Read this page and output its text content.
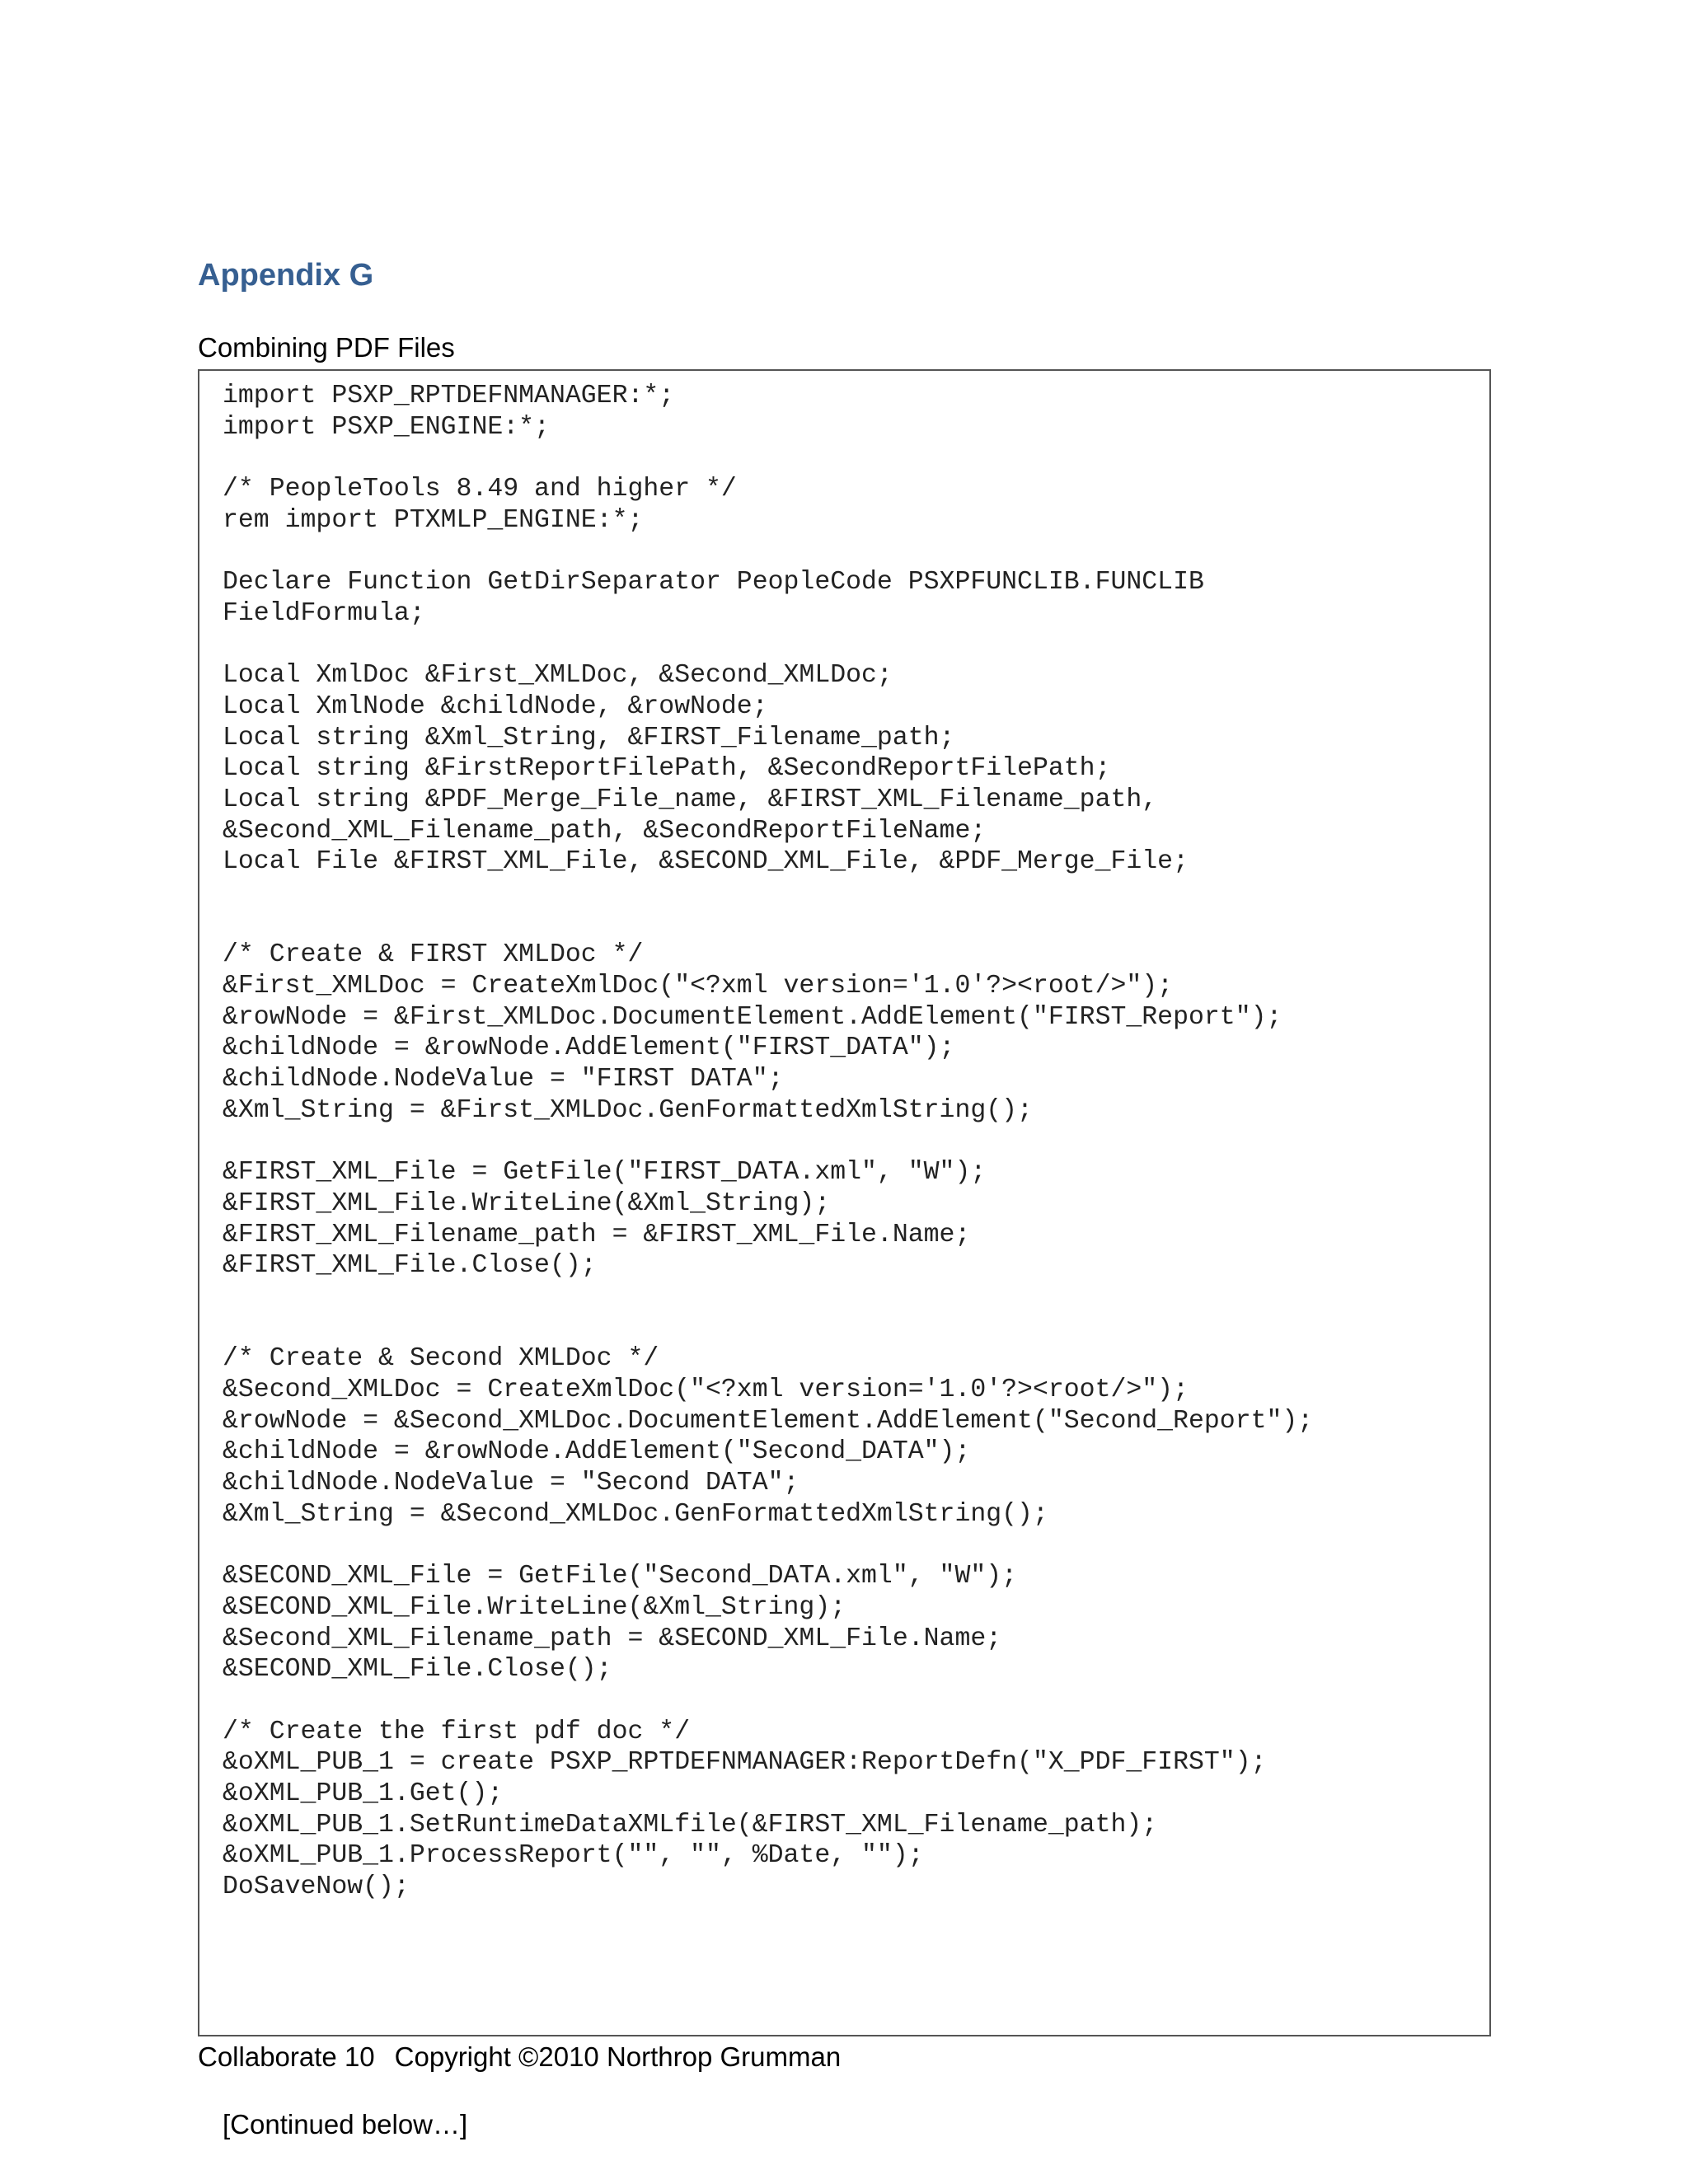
Appendix G

Combining PDF Files

import PSXP_RPTDEFNMANAGER:*;
import PSXP_ENGINE:*;
/* PeopleTools 8.49 and higher */
rem import PTXMLP_ENGINE:*;
Declare Function GetDirSeparator PeopleCode PSXPFUNCLIB.FUNCLIB
FieldFormula;
Local XmlDoc &First_XMLDoc, &Second_XMLDoc;
Local XmlNode &childNode, &rowNode;
Local string &Xml_String, &FIRST_Filename_path;
Local string &FirstReportFilePath, &SecondReportFilePath;
Local string &PDF_Merge_File_name, &FIRST_XML_Filename_path,
&Second_XML_Filename_path, &SecondReportFileName;
Local File &FIRST_XML_File, &SECOND_XML_File, &PDF_Merge_File;
/* Create & FIRST XMLDoc */
&First_XMLDoc = CreateXmlDoc("<?xml version='1.0'?><root/>");
&rowNode = &First_XMLDoc.DocumentElement.AddElement("FIRST_Report");
&childNode = &rowNode.AddElement("FIRST_DATA");
&childNode.NodeValue = "FIRST DATA";
&Xml_String = &First_XMLDoc.GenFormattedXmlString();
&FIRST_XML_File = GetFile("FIRST_DATA.xml", "W");
&FIRST_XML_File.WriteLine(&Xml_String);
&FIRST_XML_Filename_path = &FIRST_XML_File.Name;
&FIRST_XML_File.Close();
/* Create & Second XMLDoc */
&Second_XMLDoc = CreateXmlDoc("<?xml version='1.0'?><root/>");
&rowNode = &Second_XMLDoc.DocumentElement.AddElement("Second_Report");
&childNode = &rowNode.AddElement("Second_DATA");
&childNode.NodeValue = "Second DATA";
&Xml_String = &Second_XMLDoc.GenFormattedXmlString();
&SECOND_XML_File = GetFile("Second_DATA.xml", "W");
&SECOND_XML_File.WriteLine(&Xml_String);
&Second_XML_Filename_path = &SECOND_XML_File.Name;
&SECOND_XML_File.Close();
/* Create the first pdf doc */
&oXML_PUB_1 = create PSXP_RPTDEFNMANAGER:ReportDefn("X_PDF_FIRST");
&oXML_PUB_1.Get();
&oXML_PUB_1.SetRuntimeDataXMLfile(&FIRST_XML_Filename_path);
&oXML_PUB_1.ProcessReport("", "", %Date, "");
DoSaveNow();

[Continued below…]

Collaborate 10 Copyright ©2010 Northrop Grumman
